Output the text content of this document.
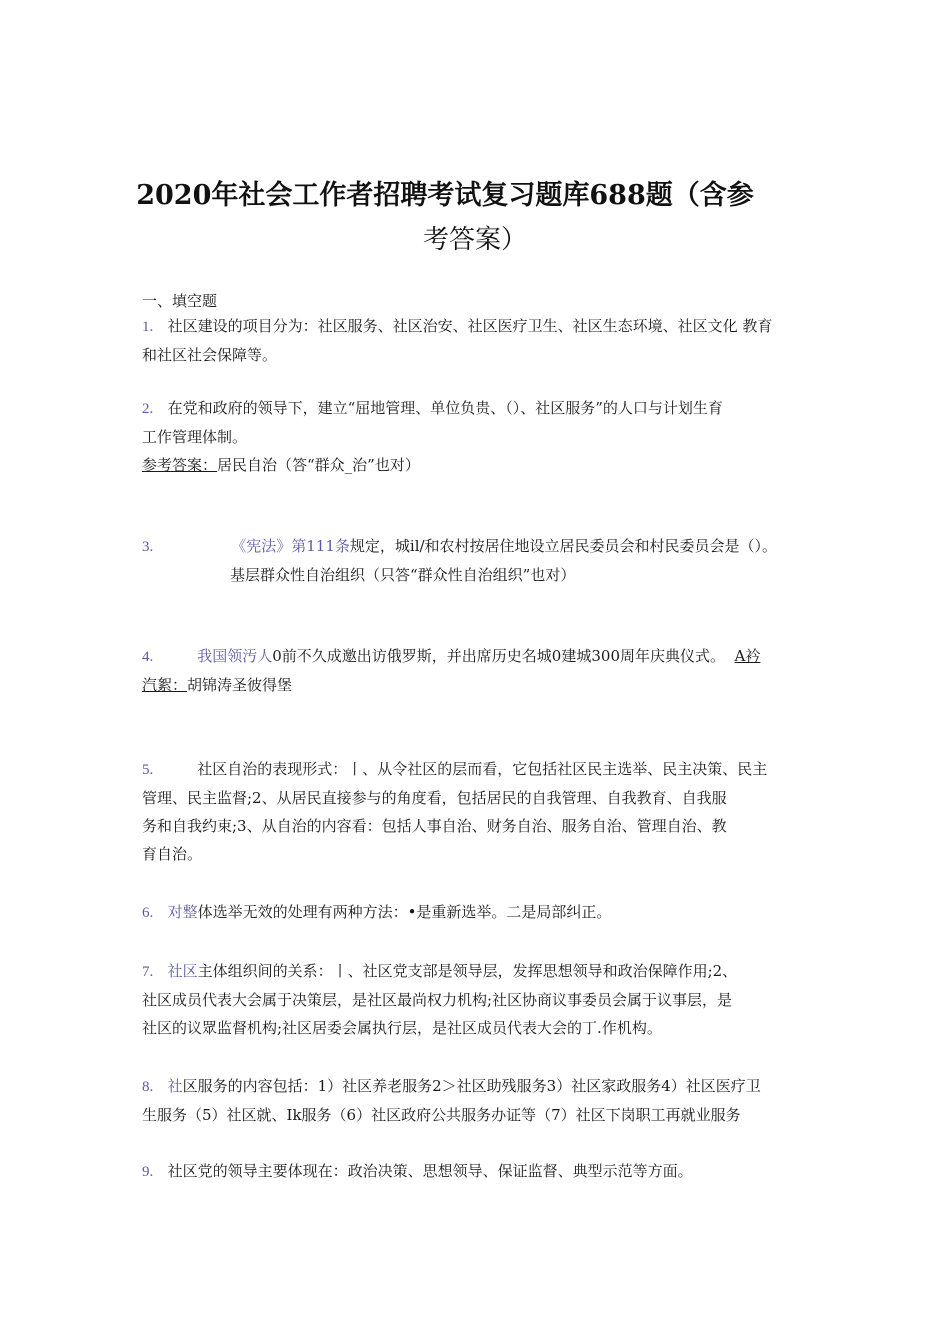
2020年社会工作者招聘考试复习题库688题（含参
考答案）

一、填空题

1. 社区建设的项目分为：社区服务、社区治安、社区医疗卫生、社区生态环境、社区文化 教育
和社区社会保障等。
2. 在党和政府的领导下，建立“屈地管理、单位负贵、（）、社区服务”的人口与计划生育
工作管理体制。
参考答案：居民自治（答“群众_治”也对）
3.	《宪法》第111条规定，城il/和农村按居住地设立居民委员会和村民委员会是（）。
基层群众性自治组织（只答“群众性自治组织”也对）
4.	我国领汚人0前不久成邀出访俄罗斯，并出席历史名城0建城300周年庆典仪式。 A衿
汽絮：胡锦涛圣彼得堡
5.	社区自治的表现形式：丨、从令社区的层而看，它包括社区民主选举、民主决策、民主
管理、民主监督;2、从居民直接参与的角度看，包括居民的自我管理、自我教育、自我服
务和自我约束;3、从自治的内容看：包括人事自治、财务自治、服务自治、管理自治、教
育自治。
6. 对整体选举无效的处理有两种方法：•是重新选举。二是局部纠正。
7. 社区主体组织间的关系：丨、社区党支部是领导层，发挥思想领导和政治保障作用;2、
社区成员代表大会属于决策层，是社区最尚权力机构;社区协商议事委员会属于议事层，是
社区的议眾监督机构;社区居委会属执行层，是社区成员代表大会的丁.作机构。
8. 社区服务的内容包括：1）社区养老服务2＞社区助残服务3）社区家政服务4）社区医疗卫
生服务（5）社区就、Ik服务（6）社区政府公共服务办证等（7）社区下岗职工再就业服务
9. 社区党的领导主要体现在：政治决策、思想领导、保证监督、典型示范等方面。
